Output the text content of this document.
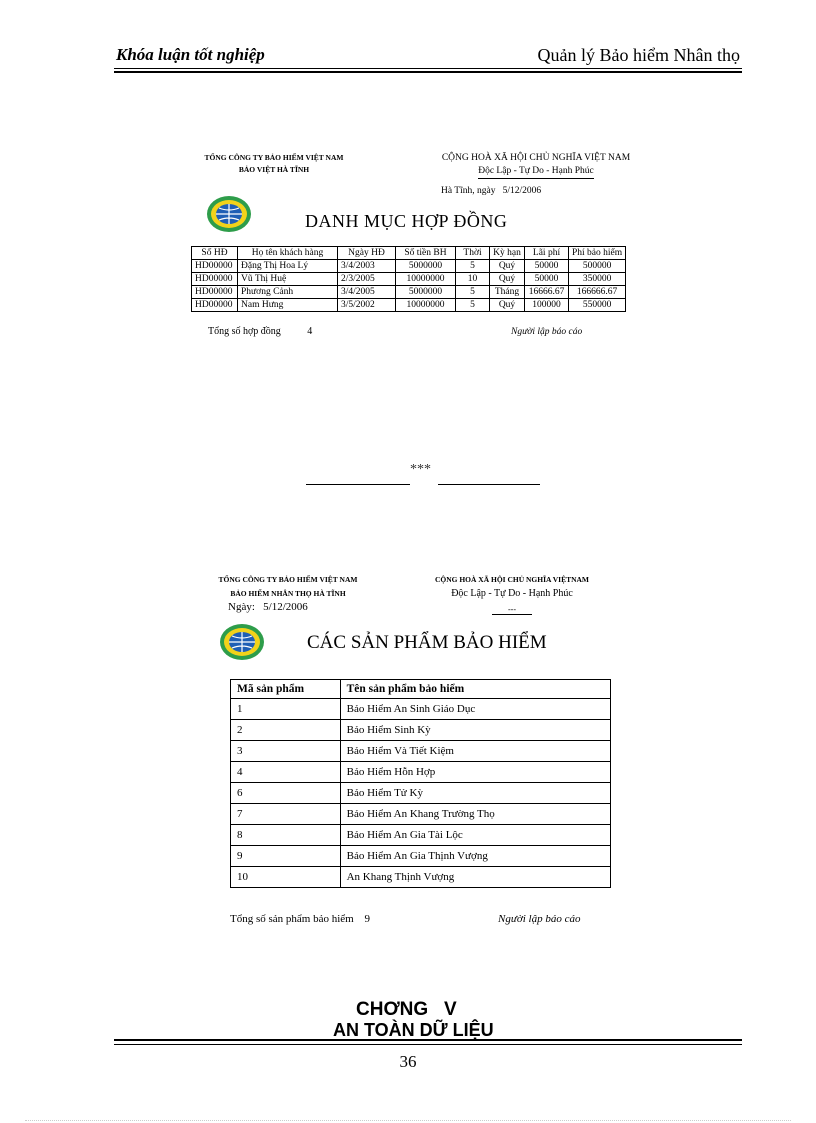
Khóa luận tốt nghiệp	Quản lý Bảo hiểm Nhân thọ
TỔNG CÔNG TY BẢO HIỂM VIỆT NAM
BẢO VIỆT HÀ TĨNH
CỘNG HOÀ XÃ HỘI CHỦ NGHĨA VIỆT NAM
Độc Lập - Tự Do - Hạnh Phúc
Hà Tĩnh, ngày   5/12/2006
DANH MỤC HỢP ĐỒNG
Số HĐ	Họ tên khách hàng	Ngày HĐ	Số tiền BH	Thời	Kỳ hạn	Lãi phí	Phí bảo hiểm
HD00000	Đặng Thị Hoa Lý	3/4/2003	5000000	5	Quý	50000	500000
HD00000	Vũ Thị Huệ	2/3/2005	10000000	10	Quý	50000	350000
HD00000	Phương Cảnh	3/4/2005	5000000	5	Tháng	16666.67	166666.67
HD00000	Nam Hưng	3/5/2002	10000000	5	Quý	100000	550000
Tổng số hợp đồng	4	Người lập báo cáo
***
TỔNG CÔNG TY BẢO HIỂM VIỆT NAM
BẢO HIỂM NHÂN THỌ HÀ TĨNH
Ngày:   5/12/2006
CỘNG HOÀ XÃ HỘI CHỦ NGHĨA VIỆTNAM
Độc Lập - Tự Do - Hạnh Phúc
---
CÁC SẢN PHẨM BẢO HIỂM
Mã sản phẩm	Tên sản phẩm bảo hiểm
1	Bảo Hiểm An Sinh Giáo Dục
2	Bảo Hiểm Sinh Kỳ
3	Bảo Hiểm Và Tiết Kiệm
4	Bảo Hiểm Hỗn Hợp
6	Bảo Hiểm Tử Kỳ
7	Bảo Hiểm An Khang Trường Thọ
8	Bảo Hiểm An Gia Tài Lộc
9	Bảo Hiểm An Gia Thịnh Vượng
10	An Khang Thịnh Vượng
Tổng số sản phẩm bảo hiểm 9	Người lập báo cáo
CHƠNG   V
AN TOÀN DỮ LIỆU
36
